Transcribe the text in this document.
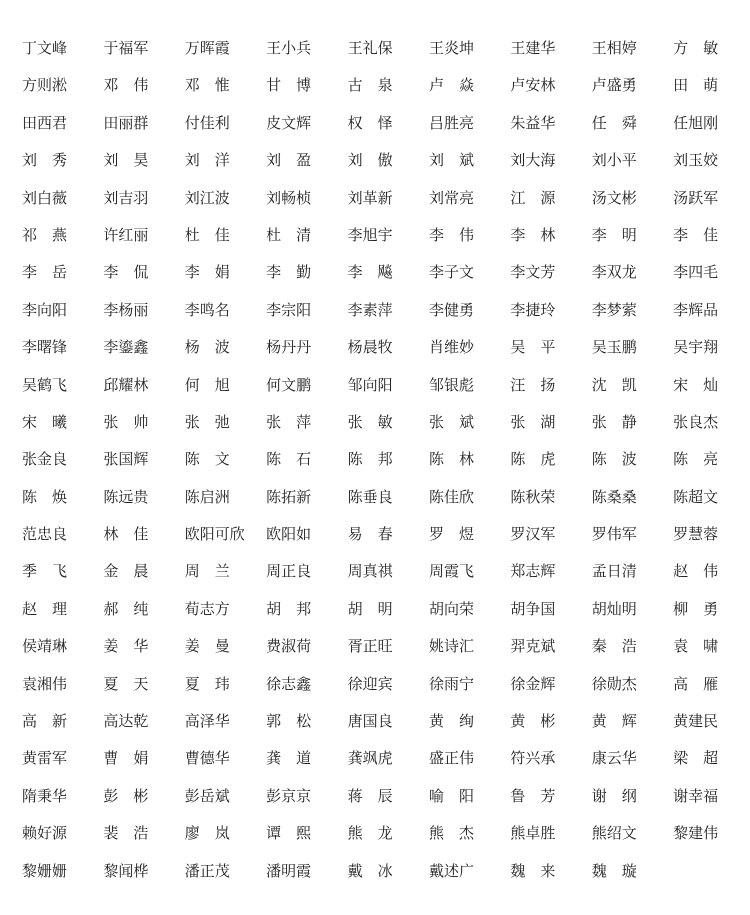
丁文峰	于福军	万晖霞	王小兵	王礼保	王炎坤	王建华	王相婷	方　敏
方则淞	邓　伟	邓　惟	甘　博	古　泉	卢　焱	卢安林	卢盛勇	田　萌
田西君	田丽群	付佳利	皮文辉	权　怿	吕胜亮	朱益华	任　舜	任旭刚
刘　秀	刘　昊	刘　洋	刘　盈	刘　傲	刘　斌	刘大海	刘小平	刘玉姣
刘白薇	刘吉羽	刘江波	刘畅桢	刘革新	刘常亮	江　源	汤文彬	汤跃军
祁　燕	许红丽	杜　佳	杜　清	李旭宇	李　伟	李　林	李　明	李　佳
李　岳	李　侃	李　娟	李　勤	李　飚	李子文	李文芳	李双龙	李四毛
李向阳	李杨丽	李鸣名	李宗阳	李素萍	李健勇	李捷玲	李梦萦	李辉品
李曙锋	李鎏鑫	杨　波	杨丹丹	杨晨牧	肖维妙	吴　平	吴玉鹏	吴宇翔
吴鹤飞	邱耀林	何　旭	何文鹏	邹向阳	邹银彪	汪　扬	沈　凯	宋　灿
宋　曦	张　帅	张　弛	张　萍	张　敏	张　斌	张　湖	张　静	张良杰
张金良	张国辉	陈　文	陈　石	陈　邦	陈　林	陈　虎	陈　波	陈　亮
陈　焕	陈远贵	陈启洲	陈拓新	陈垂良	陈佳欣	陈秋荣	陈桑桑	陈超文
范忠良	林　佳	欧阳可欣	欧阳如	易　春	罗　煜	罗汉军	罗伟军	罗慧蓉
季　飞	金　晨	周　兰	周正良	周真祺	周霞飞	郑志辉	孟日清	赵　伟
赵　理	郝　纯	荀志方	胡　邦	胡　明	胡向荣	胡争国	胡灿明	柳　勇
侯靖琳	姜　华	姜　曼	费淑荷	胥正旺	姚诗汇	羿克斌	秦　浩	袁　啸
袁湘伟	夏　天	夏　玮	徐志鑫	徐迎宾	徐雨宁	徐金辉	徐勋杰	高　雁
高　新	高达乾	高泽华	郭　松	唐国良	黄　绚	黄　彬	黄　辉	黄建民
黄雷军	曹　娟	曹德华	龚　道	龚飒虎	盛正伟	符兴承	康云华	梁　超
隋秉华	彭　彬	彭岳斌	彭京京	蒋　辰	喻　阳	鲁　芳	谢　纲	谢幸福
赖好源	裴　浩	廖　岚	谭　熙	熊　龙	熊　杰	熊卓胜	熊绍文	黎建伟
黎姗姗	黎闻桦	潘正茂	潘明霞	戴　冰	戴述广	魏　来	魏　璇
